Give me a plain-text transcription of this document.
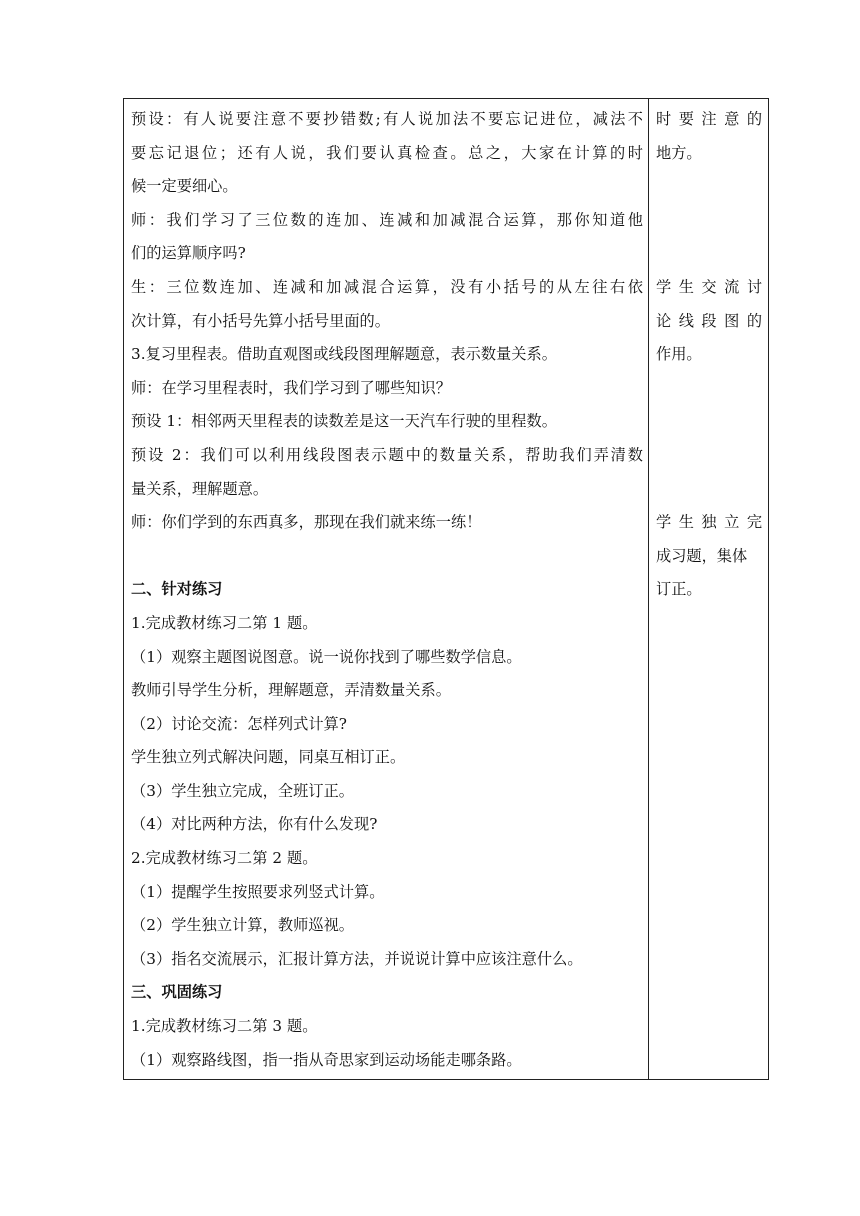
预设：有人说要注意不要抄错数;有人说加法不要忘记进位，减法不
要忘记退位；还有人说，我们要认真检查。总之，大家在计算的时
候一定要细心。
师：我们学习了三位数的连加、连减和加减混合运算，那你知道他
们的运算顺序吗?
生：三位数连加、连减和加减混合运算，没有小括号的从左往右依
次计算，有小括号先算小括号里面的。
3.复习里程表。借助直观图或线段图理解题意，表示数量关系。
师：在学习里程表时，我们学习到了哪些知识？
预设 1：相邻两天里程表的读数差是这一天汽车行驶的里程数。
预设 2：我们可以利用线段图表示题中的数量关系，帮助我们弄清数
量关系，理解题意。
师：你们学到的东西真多，那现在我们就来练一练！
二、针对练习
1.完成教材练习二第 1 题。
（1）观察主题图说图意。说一说你找到了哪些数学信息。
教师引导学生分析，理解题意，弄清数量关系。
（2）讨论交流：怎样列式计算?
学生独立列式解决问题，同桌互相订正。
（3）学生独立完成，全班订正。
（4）对比两种方法，你有什么发现?
2.完成教材练习二第 2 题。
（1）提醒学生按照要求列竖式计算。
（2）学生独立计算，教师巡视。
（3）指名交流展示，汇报计算方法，并说说计算中应该注意什么。
三、巩固练习
1.完成教材练习二第 3 题。
（1）观察路线图，指一指从奇思家到运动场能走哪条路。
时要注意的
地方。
学生交流讨
论线段图的
作用。
学生独立完
成习题，集体
订正。
